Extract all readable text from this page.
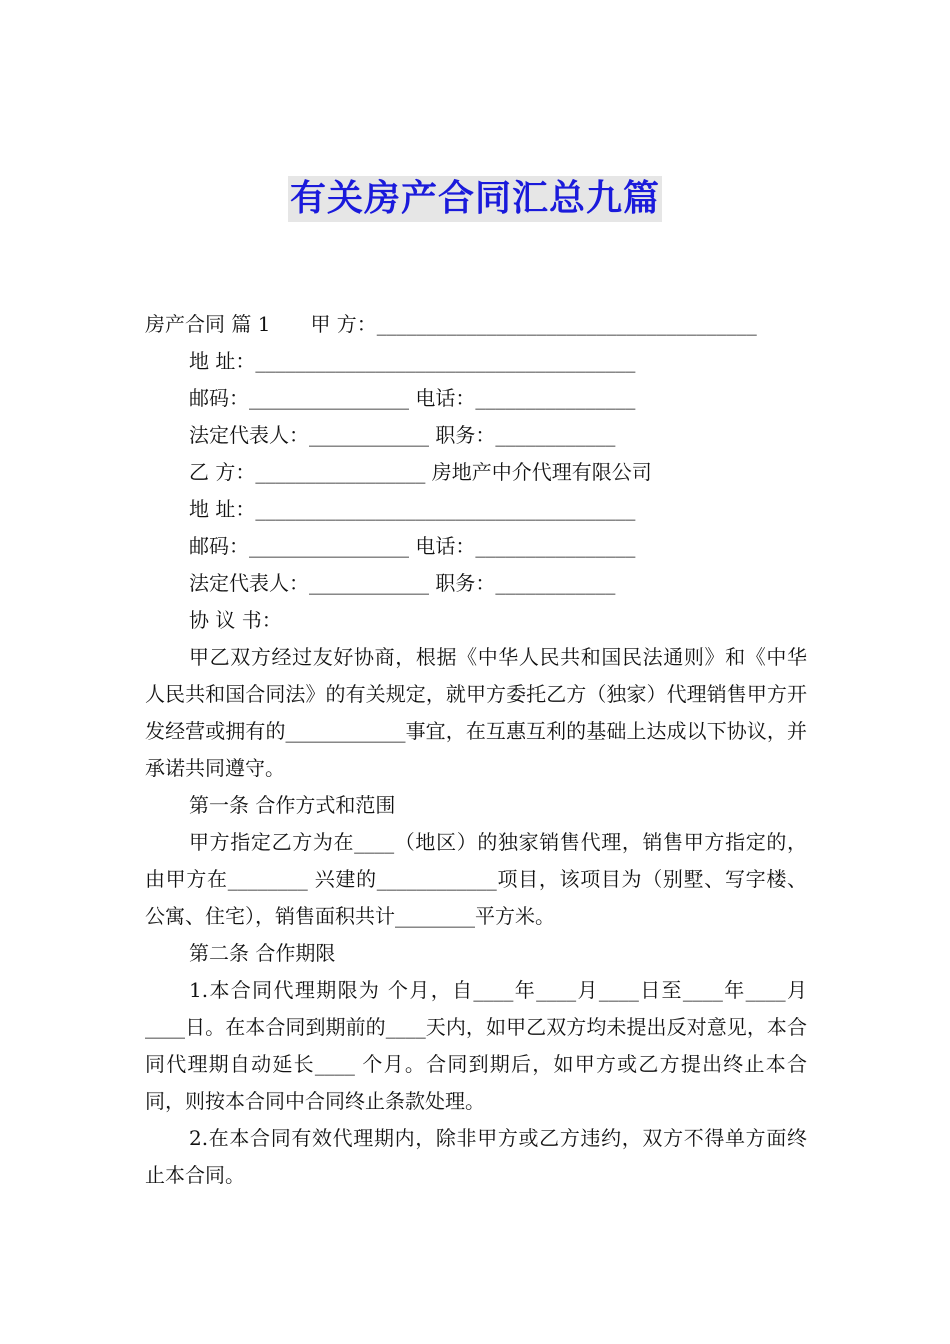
有关房产合同汇总九篇
房产合同 篇 1 甲 方：______________________________________
地 址：______________________________________
邮码：________________ 电话：________________
法定代表人：____________ 职务：____________
乙 方：_________________ 房地产中介代理有限公司
地 址：______________________________________
邮码：________________ 电话：________________
法定代表人：____________ 职务：____________
协 议 书：
甲乙双方经过友好协商，根据《中华人民共和国民法通则》和《中华人民共和国合同法》的有关规定，就甲方委托乙方（独家）代理销售甲方开发经营或拥有的____________事宜，在互惠互利的基础上达成以下协议，并承诺共同遵守。
第一条 合作方式和范围
甲方指定乙方为在____（地区）的独家销售代理，销售甲方指定的，由甲方在________ 兴建的____________项目，该项目为（别墅、写字楼、公寓、住宅），销售面积共计________平方米。
第二条 合作期限
1.本合同代理期限为 个月，自____年____月____日至____年____月____日。在本合同到期前的____天内，如甲乙双方均未提出反对意见，本合同代理期自动延长____ 个月。合同到期后，如甲方或乙方提出终止本合同，则按本合同中合同终止条款处理。
2.在本合同有效代理期内，除非甲方或乙方违约，双方不得单方面终止本合同。
